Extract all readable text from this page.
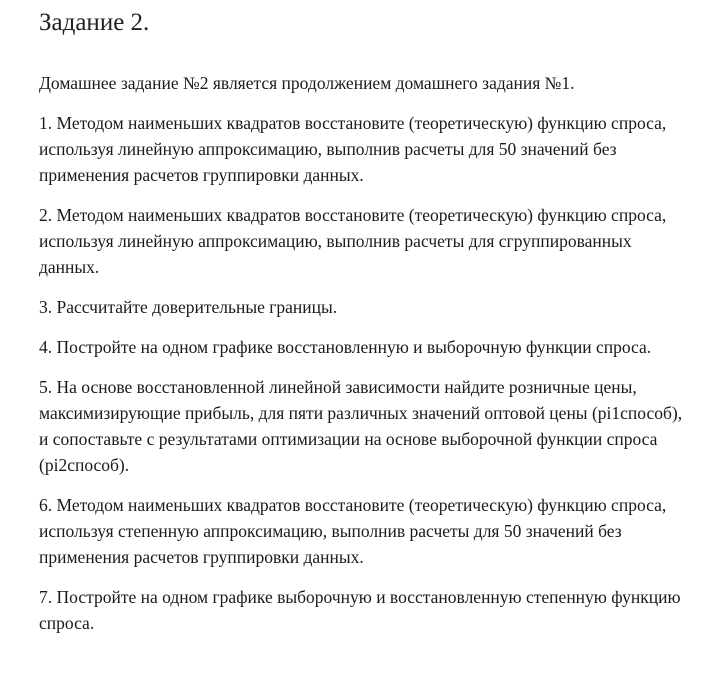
Задание 2.

Домашнее задание №2 является продолжением домашнего задания №1.

1. Методом наименьших квадратов восстановите (теоретическую) функцию спроса, используя линейную аппроксимацию, выполнив расчеты для 50 значений без применения расчетов группировки данных.

2. Методом наименьших квадратов восстановите (теоретическую) функцию спроса, используя линейную аппроксимацию, выполнив расчеты для сгруппированных данных.

3. Рассчитайте доверительные границы.

4. Постройте на одном графике восстановленную и выборочную функции спроса.

5. На основе восстановленной линейной зависимости найдите розничные цены, максимизирующие прибыль, для пяти различных значений оптовой цены (pi1способ), и сопоставьте с результатами оптимизации на основе выборочной функции спроса (pi2способ).

6. Методом наименьших квадратов восстановите (теоретическую) функцию спроса, используя степенную аппроксимацию, выполнив расчеты для 50 значений без применения расчетов группировки данных.

7. Постройте на одном графике выборочную и восстановленную степенную функцию спроса.
